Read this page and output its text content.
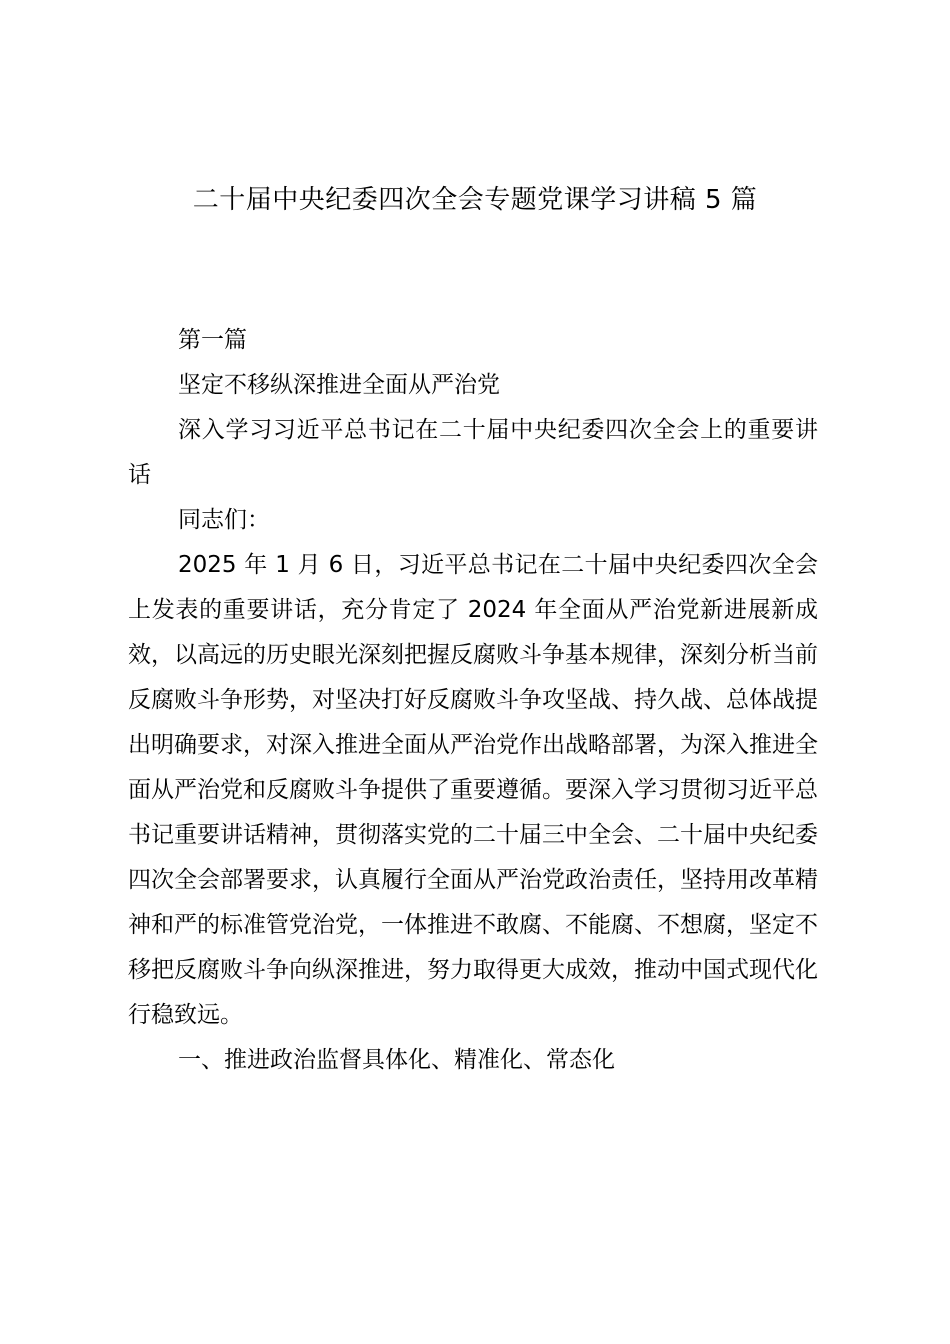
二十届中央纪委四次全会专题党课学习讲稿 5 篇

第一篇

坚定不移纵深推进全面从严治党

深入学习习近平总书记在二十届中央纪委四次全会上的重要讲话

同志们：

2025 年 1 月 6 日，习近平总书记在二十届中央纪委四次全会上发表的重要讲话，充分肯定了 2024 年全面从严治党新进展新成效，以高远的历史眼光深刻把握反腐败斗争基本规律，深刻分析当前反腐败斗争形势，对坚决打好反腐败斗争攻坚战、持久战、总体战提出明确要求，对深入推进全面从严治党作出战略部署，为深入推进全面从严治党和反腐败斗争提供了重要遵循。要深入学习贯彻习近平总书记重要讲话精神，贯彻落实党的二十届三中全会、二十届中央纪委四次全会部署要求，认真履行全面从严治党政治责任，坚持用改革精神和严的标准管党治党，一体推进不敢腐、不能腐、不想腐，坚定不移把反腐败斗争向纵深推进，努力取得更大成效，推动中国式现代化行稳致远。

一、推进政治监督具体化、精准化、常态化
